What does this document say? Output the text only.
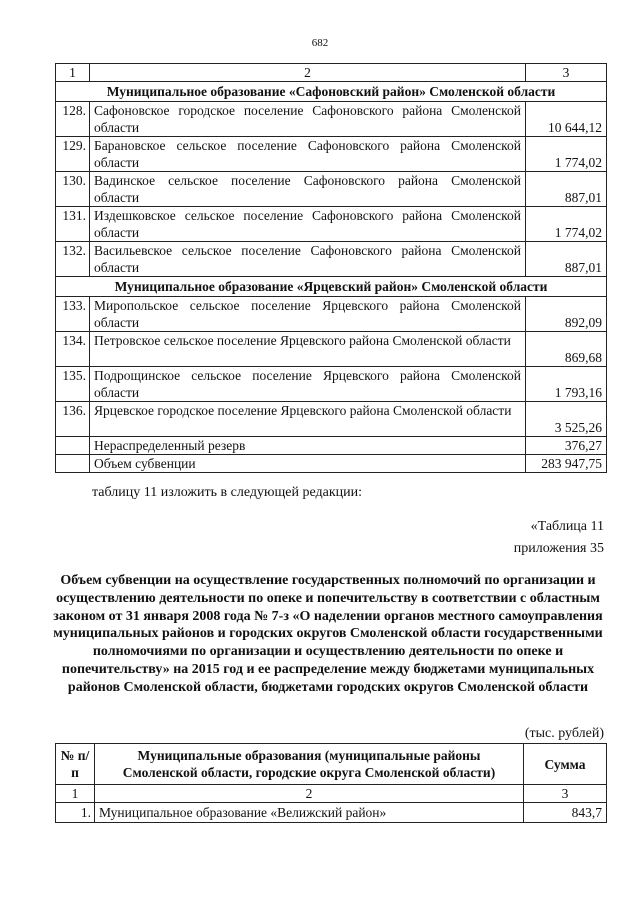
682
1	2	3
Муниципальное образование «Сафоновский район» Смоленской области		
128.	Сафоновское городское поселение Сафоновского района Смоленской области	10 644,12
129.	Барановское сельское поселение Сафоновского района Смоленской области	1 774,02
130.	Вадинское сельское поселение Сафоновского района Смоленской области	887,01
131.	Издешковское сельское поселение Сафоновского района Смоленской области	1 774,02
132.	Васильевское сельское поселение Сафоновского района Смоленской области	887,01
Муниципальное образование «Ярцевский район» Смоленской области		
133.	Миропольское сельское поселение Ярцевского района Смоленской области	892,09
134.	Петровское сельское поселение Ярцевского района Смоленской области	869,68
135.	Подрощинское сельское поселение Ярцевского района Смоленской области	1 793,16
136.	Ярцевское городское поселение Ярцевского района Смоленской области	3 525,26
	Нераспределенный резерв	376,27
	Объем субвенции	283 947,75
таблицу 11 изложить в следующей редакции:
«Таблица 11
приложения 35
Объем субвенции на осуществление государственных полномочий по организации и осуществлению деятельности по опеке и попечительству в соответствии с областным законом от 31 января 2008 года № 7-з «О наделении органов местного самоуправления муниципальных районов и городских округов Смоленской области государственными полномочиями по организации и осуществлению деятельности по опеке и попечительству» на 2015 год и ее распределение между бюджетами муниципальных районов Смоленской области, бюджетами городских округов Смоленской области
(тыс. рублей)
№ п/п	Муниципальные образования (муниципальные районы Смоленской области, городские округа Смоленской области)	Сумма
1	2	3
1.	Муниципальное образование «Велижский район»	843,7
